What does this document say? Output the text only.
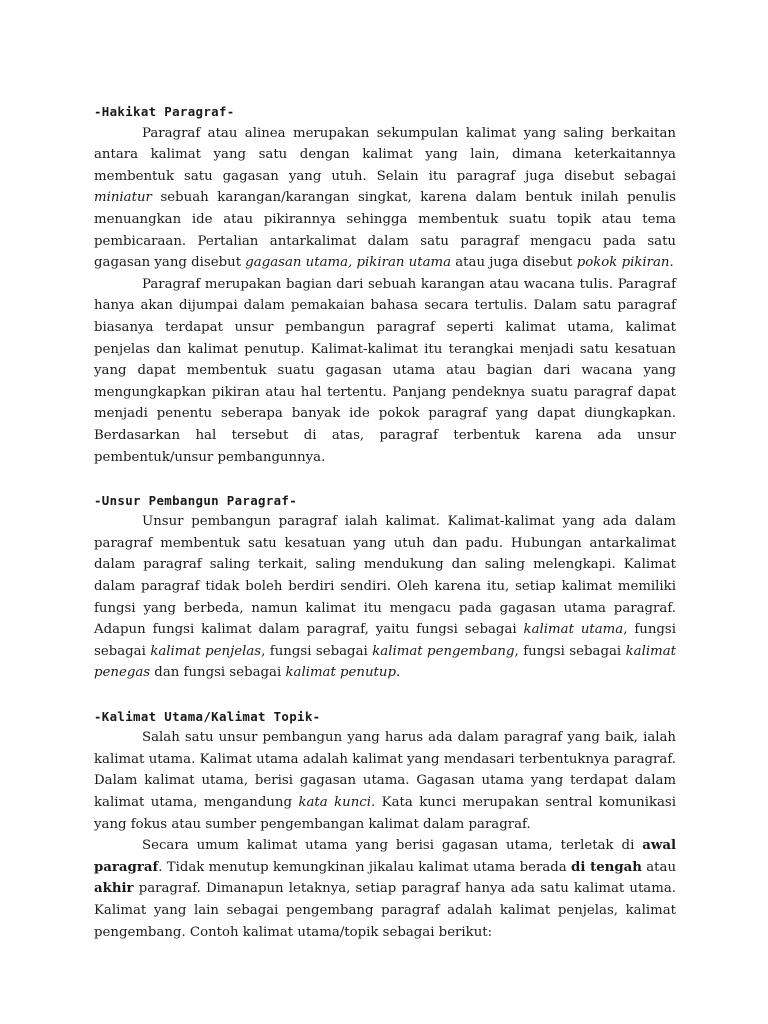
-Hakikat Paragraf-

Paragraf atau alinea merupakan sekumpulan kalimat yang saling berkaitan antara kalimat yang satu dengan kalimat yang lain, dimana keterkaitannya membentuk satu gagasan yang utuh. Selain itu paragraf juga disebut sebagai miniatur sebuah karangan/karangan singkat, karena dalam bentuk inilah penulis menuangkan ide atau pikirannya sehingga membentuk suatu topik atau tema pembicaraan. Pertalian antarkalimat dalam satu paragraf mengacu pada satu gagasan yang disebut gagasan utama, pikiran utama atau juga disebut pokok pikiran.

Paragraf merupakan bagian dari sebuah karangan atau wacana tulis. Paragraf hanya akan dijumpai dalam pemakaian bahasa secara tertulis. Dalam satu paragraf biasanya terdapat unsur pembangun paragraf seperti kalimat utama, kalimat penjelas dan kalimat penutup. Kalimat-kalimat itu terangkai menjadi satu kesatuan yang dapat membentuk suatu gagasan utama atau bagian dari wacana yang mengungkapkan pikiran atau hal tertentu. Panjang pendeknya suatu paragraf dapat menjadi penentu seberapa banyak ide pokok paragraf yang dapat diungkapkan. Berdasarkan hal tersebut di atas, paragraf terbentuk karena ada unsur pembentuk/unsur pembangunnya.

-Unsur Pembangun Paragraf-

Unsur pembangun paragraf ialah kalimat. Kalimat-kalimat yang ada dalam paragraf membentuk satu kesatuan yang utuh dan padu. Hubungan antarkalimat dalam paragraf saling terkait, saling mendukung dan saling melengkapi. Kalimat dalam paragraf tidak boleh berdiri sendiri. Oleh karena itu, setiap kalimat memiliki fungsi yang berbeda, namun kalimat itu mengacu pada gagasan utama paragraf. Adapun fungsi kalimat dalam paragraf, yaitu fungsi sebagai kalimat utama, fungsi sebagai kalimat penjelas, fungsi sebagai kalimat pengembang, fungsi sebagai kalimat penegas dan fungsi sebagai kalimat penutup.

-Kalimat Utama/Kalimat Topik-

Salah satu unsur pembangun yang harus ada dalam paragraf yang baik, ialah kalimat utama. Kalimat utama adalah kalimat yang mendasari terbentuknya paragraf. Dalam kalimat utama, berisi gagasan utama. Gagasan utama yang terdapat dalam kalimat utama, mengandung kata kunci. Kata kunci merupakan sentral komunikasi yang fokus atau sumber pengembangan kalimat dalam paragraf.

Secara umum kalimat utama yang berisi gagasan utama, terletak di awal paragraf. Tidak menutup kemungkinan jikalau kalimat utama berada di tengah atau akhir paragraf. Dimanapun letaknya, setiap paragraf hanya ada satu kalimat utama. Kalimat yang lain sebagai pengembang paragraf adalah kalimat penjelas, kalimat pengembang. Contoh kalimat utama/topik sebagai berikut:
